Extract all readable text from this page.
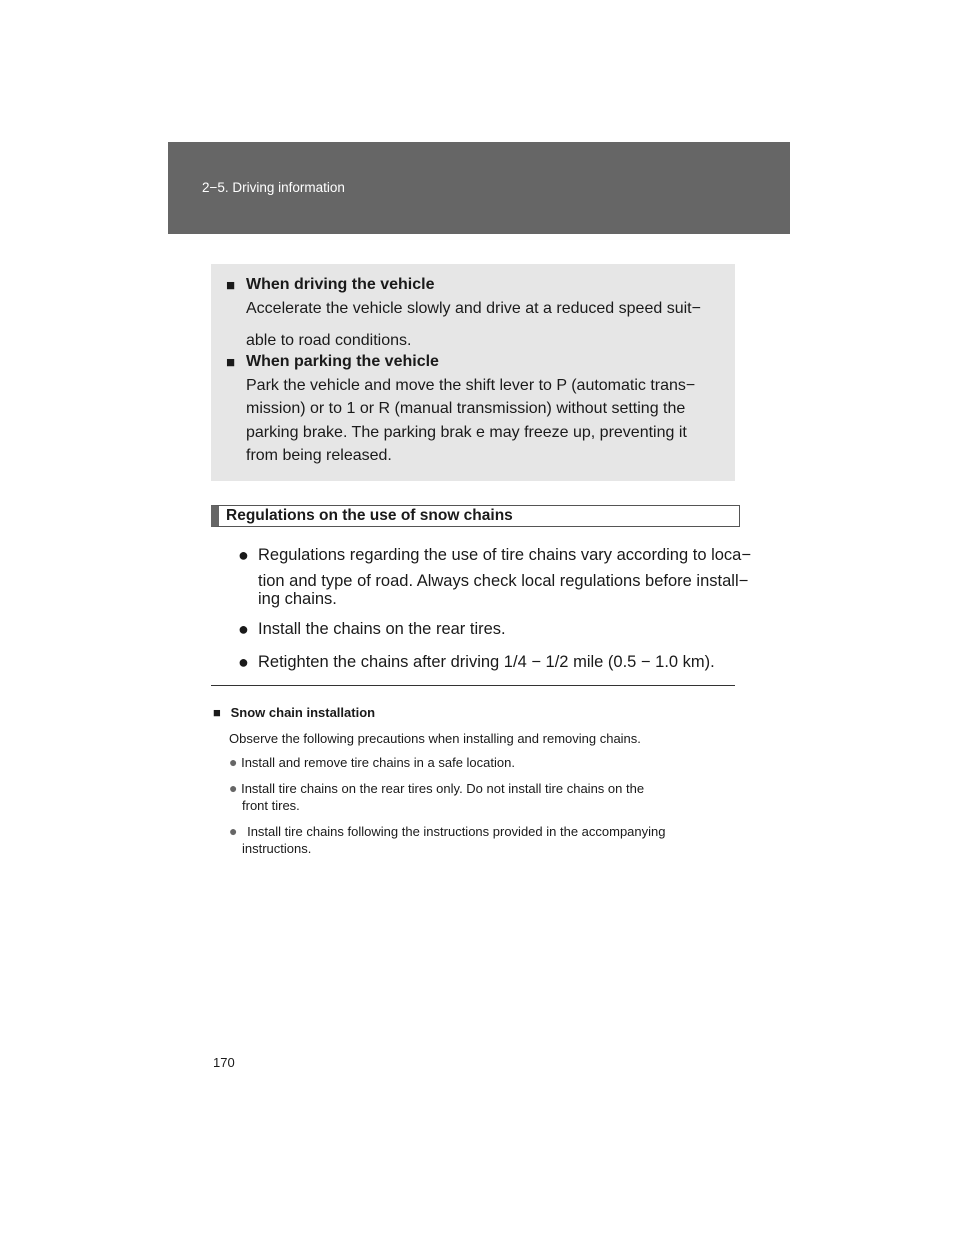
2−5. Driving information
■ When driving the vehicle
Accelerate the vehicle slowly and drive at a reduced speed suit−
able to road conditions.
■ When parking the vehicle
Park the vehicle and move the shift lever to P (automatic trans−
mission) or to 1 or R (manual transmission) without setting the
parking brake. The parking brak e may freeze up, preventing it
from being released.
Regulations on the use of snow chains
● Regulations regarding the use of tire chains vary according to loca−
tion and type of road. Always check local regulations before install−
ing chains.
● Install the chains on the rear tires.
● Retighten the chains after driving 1/4 − 1/2 mile (0.5 − 1.0 km).
■ Snow chain installation
Observe the following precautions when installing and removing chains.
● Install and remove tire chains in a safe location.
● Install tire chains on the rear tires only. Do not install tire chains on the
front tires.
● Install tire chains following the instructions provided in the accompanying
instructions.
170
